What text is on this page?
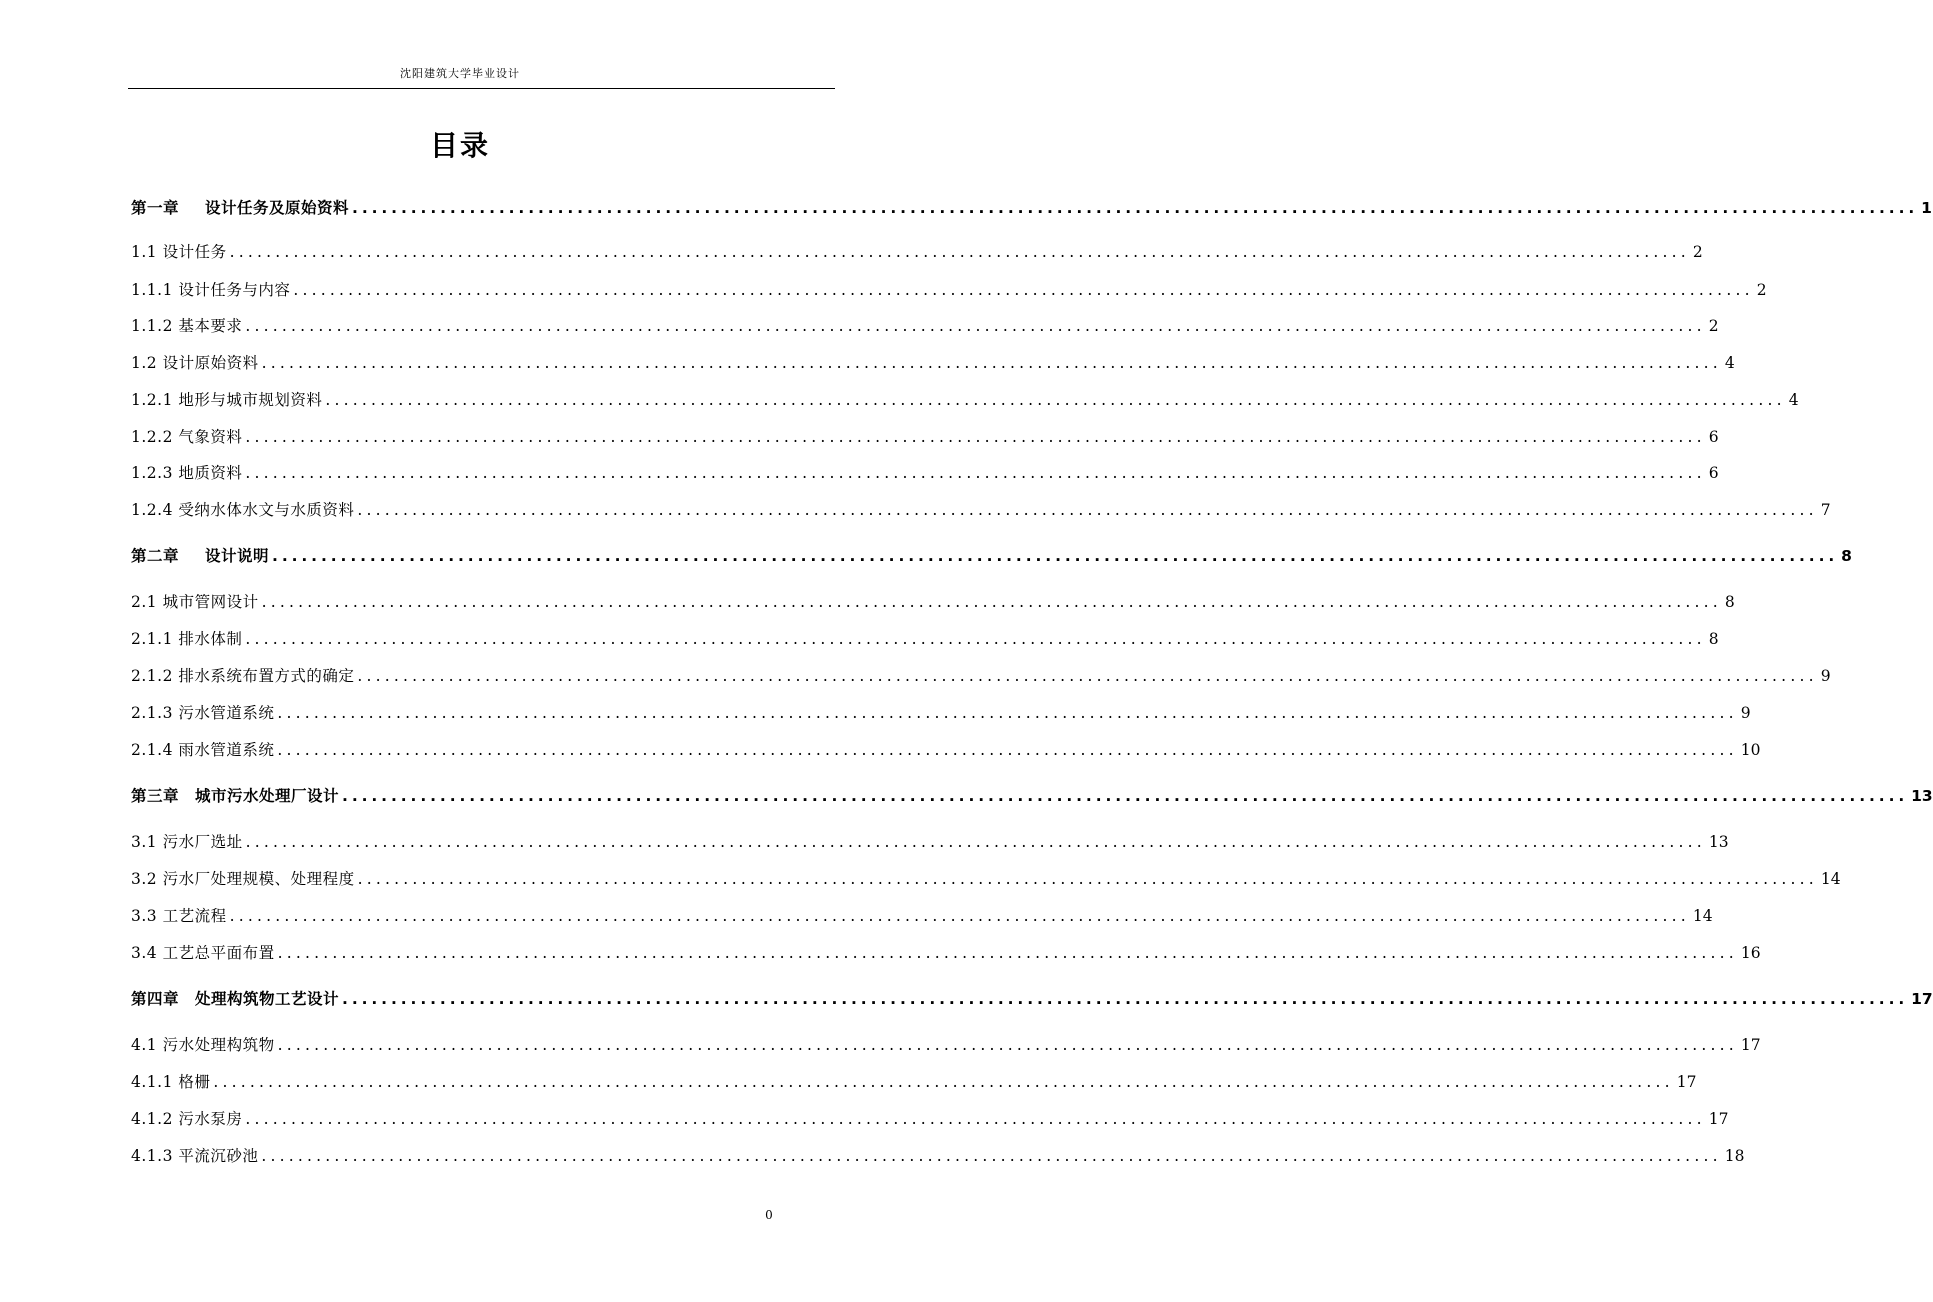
沈阳建筑大学毕业设计
目录
第一章 设计任务及原始资料 ................................................................................................................................................................ 1
1.1 设计任务 ................................................................................................................................................................ 2
1.1.1 设计任务与内容 ................................................................................................................................................................ 2
1.1.2 基本要求 ................................................................................................................................................................ 2
1.2 设计原始资料 ................................................................................................................................................................ 4
1.2.1 地形与城市规划资料 ................................................................................................................................................................ 4
1.2.2 气象资料 ................................................................................................................................................................ 6
1.2.3 地质资料 ................................................................................................................................................................ 6
1.2.4 受纳水体水文与水质资料 ................................................................................................................................................................ 7
第二章 设计说明 ................................................................................................................................................................ 8
2.1 城市管网设计 ................................................................................................................................................................ 8
2.1.1 排水体制 ................................................................................................................................................................ 8
2.1.2 排水系统布置方式的确定 ................................................................................................................................................................ 9
2.1.3 污水管道系统 ................................................................................................................................................................ 9
2.1.4 雨水管道系统 ................................................................................................................................................................ 10
第三章 城市污水处理厂设计 ................................................................................................................................................................ 13
3.1 污水厂选址 ................................................................................................................................................................ 13
3.2 污水厂处理规模、处理程度 ................................................................................................................................................................ 14
3.3 工艺流程 ................................................................................................................................................................ 14
3.4 工艺总平面布置 ................................................................................................................................................................ 16
第四章 处理构筑物工艺设计 ................................................................................................................................................................ 17
4.1 污水处理构筑物 ................................................................................................................................................................ 17
4.1.1 格栅 ................................................................................................................................................................ 17
4.1.2 污水泵房 ................................................................................................................................................................ 17
4.1.3 平流沉砂池 ................................................................................................................................................................ 18
0
